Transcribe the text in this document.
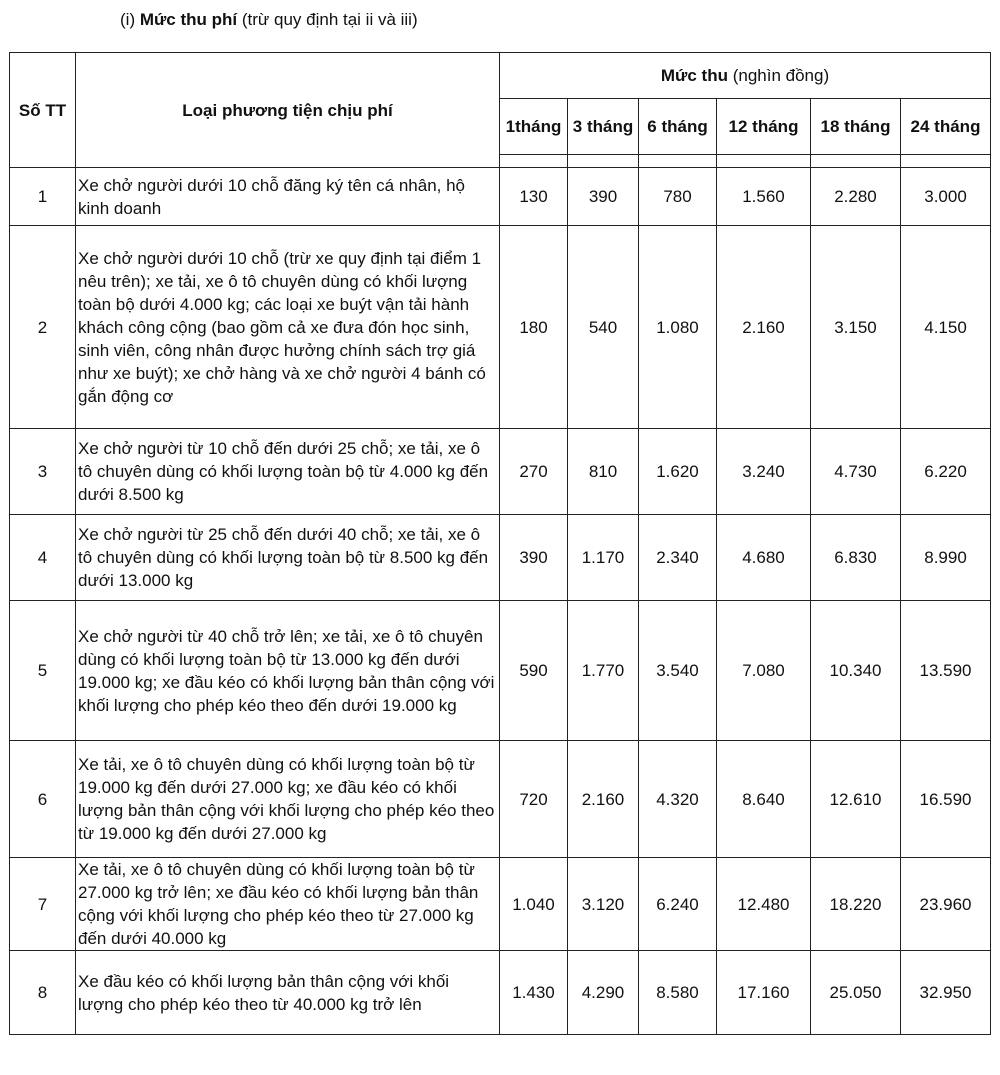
(i) Mức thu phí (trừ quy định tại ii và iii)
Số TT	Loại phương tiện chịu phí	Mức thu (nghìn đồng)					
		1tháng	3 tháng	6 tháng	12 tháng	18 tháng	24 tháng

1	Xe chở người dưới 10 chỗ đăng ký tên cá nhân, hộ kinh doanh	130	390	780	1.560	2.280	3.000
2	Xe chở người dưới 10 chỗ (trừ xe quy định tại điểm 1 nêu trên); xe tải, xe ô tô chuyên dùng có khối lượng toàn bộ dưới 4.000 kg; các loại xe buýt vận tải hành khách công cộng (bao gồm cả xe đưa đón học sinh, sinh viên, công nhân được hưởng chính sách trợ giá như xe buýt); xe chở hàng và xe chở người 4 bánh có gắn động cơ	180	540	1.080	2.160	3.150	4.150
3	Xe chở người từ 10 chỗ đến dưới 25 chỗ; xe tải, xe ô tô chuyên dùng có khối lượng toàn bộ từ 4.000 kg đến dưới 8.500 kg	270	810	1.620	3.240	4.730	6.220
4	Xe chở người từ 25 chỗ đến dưới 40 chỗ; xe tải, xe ô tô chuyên dùng có khối lượng toàn bộ từ 8.500 kg đến dưới 13.000 kg	390	1.170	2.340	4.680	6.830	8.990
5	Xe chở người từ 40 chỗ trở lên; xe tải, xe ô tô chuyên dùng có khối lượng toàn bộ từ 13.000 kg đến dưới 19.000 kg; xe đầu kéo có khối lượng bản thân cộng với khối lượng cho phép kéo theo đến dưới 19.000 kg	590	1.770	3.540	7.080	10.340	13.590
6	Xe tải, xe ô tô chuyên dùng có khối lượng toàn bộ từ 19.000 kg đến dưới 27.000 kg; xe đầu kéo có khối lượng bản thân cộng với khối lượng cho phép kéo theo từ 19.000 kg đến dưới 27.000 kg	720	2.160	4.320	8.640	12.610	16.590
7	Xe tải, xe ô tô chuyên dùng có khối lượng toàn bộ từ 27.000 kg trở lên; xe đầu kéo có khối lượng bản thân cộng với khối lượng cho phép kéo theo từ 27.000 kg đến dưới 40.000 kg	1.040	3.120	6.240	12.480	18.220	23.960
8	Xe đầu kéo có khối lượng bản thân cộng với khối lượng cho phép kéo theo từ 40.000 kg trở lên	1.430	4.290	8.580	17.160	25.050	32.950
